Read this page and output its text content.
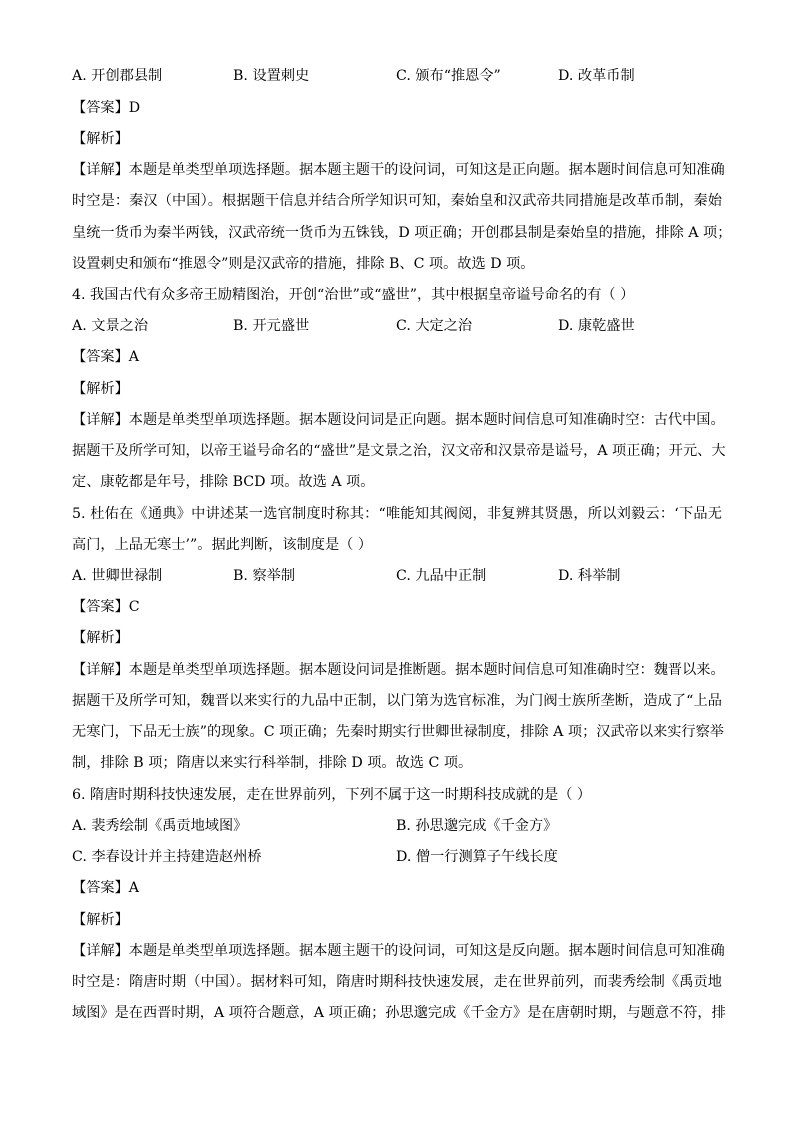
A. 开创郡县制	B. 设置刺史	C. 颁布“推恩令”	D. 改革币制
【答案】D
【解析】
【详解】本题是单类型单项选择题。据本题主题干的设问词，可知这是正向题。据本题时间信息可知准确
时空是：秦汉（中国）。根据题干信息并结合所学知识可知，秦始皇和汉武帝共同措施是改革币制，秦始
皇统一货币为秦半两钱，汉武帝统一货币为五铢钱，D 项正确；开创郡县制是秦始皇的措施，排除 A 项；
设置刺史和颁布“推恩令”则是汉武帝的措施，排除 B、C 项。故选 D 项。
4. 我国古代有众多帝王励精图治，开创“治世”或“盛世”，其中根据皇帝谥号命名的有（ ）
A. 文景之治	B. 开元盛世	C. 大定之治	D. 康乾盛世
【答案】A
【解析】
【详解】本题是单类型单项选择题。据本题设问词是正向题。据本题时间信息可知准确时空：古代中国。
据题干及所学可知，以帝王谥号命名的“盛世”是文景之治，汉文帝和汉景帝是谥号，A 项正确；开元、大
定、康乾都是年号，排除 BCD 项。故选 A 项。
5. 杜佑在《通典》中讲述某一选官制度时称其：“唯能知其阀阅，非复辨其贤愚，所以刘毅云：‘下品无
高门，上品无寒士’”。据此判断，该制度是（ ）
A. 世卿世禄制	B. 察举制	C. 九品中正制	D. 科举制
【答案】C
【解析】
【详解】本题是单类型单项选择题。据本题设问词是推断题。据本题时间信息可知准确时空：魏晋以来。
据题干及所学可知，魏晋以来实行的九品中正制，以门第为选官标准，为门阀士族所垄断，造成了“上品
无寒门，下品无士族”的现象。C 项正确；先秦时期实行世卿世禄制度，排除 A 项；汉武帝以来实行察举
制，排除 B 项；隋唐以来实行科举制，排除 D 项。故选 C 项。
6. 隋唐时期科技快速发展，走在世界前列，下列不属于这一时期科技成就的是（ ）
A. 裴秀绘制《禹贡地域图》	B. 孙思邈完成《千金方》
C. 李春设计并主持建造赵州桥	D. 僧一行测算子午线长度
【答案】A
【解析】
【详解】本题是单类型单项选择题。据本题主题干的设问词，可知这是反向题。据本题时间信息可知准确
时空是：隋唐时期（中国）。据材料可知，隋唐时期科技快速发展，走在世界前列，而裴秀绘制《禹贡地
域图》是在西晋时期，A 项符合题意，A 项正确；孙思邈完成《千金方》是在唐朝时期，与题意不符，排
